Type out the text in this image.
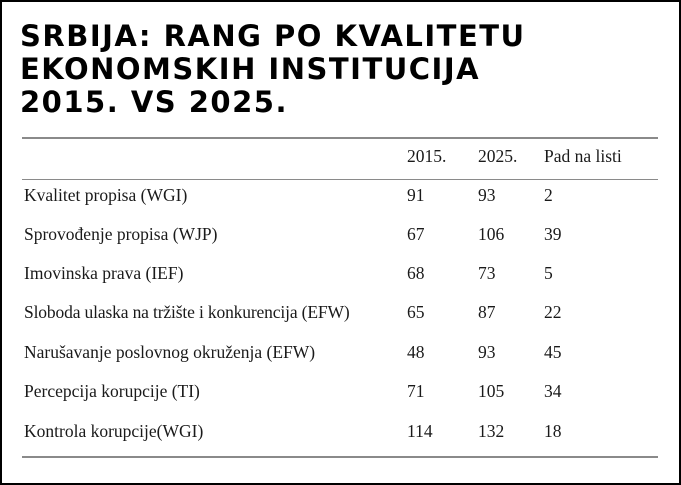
SRBIJA: RANG PO KVALITETU
EKONOMSKIH INSTITUCIJA
2015. VS 2025.
2015. 2025. Pad na listi
Kvalitet propisa (WGI)	91	93	2
Sprovođenje propisa (WJP)	67	106 39
Imovinska prava (IEF)	68	73	5
Sloboda ulaska na tržište i konkurencija (EFW)	65	87	22
Narušavanje poslovnog okruženja (EFW)	48	93	45
Percepcija korupcije (TI)	71	105 34
Kontrola korupcije(WGI)	114	132 18
